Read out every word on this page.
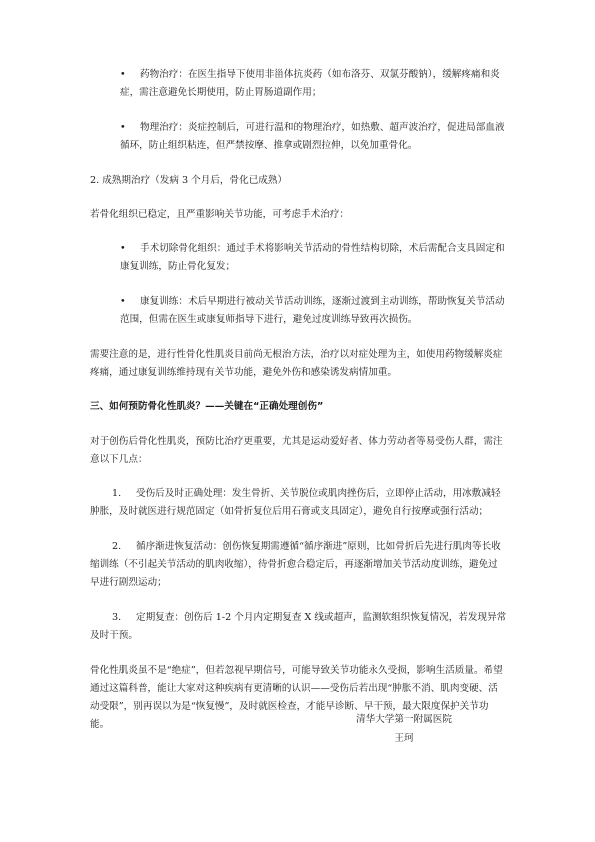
• 药物治疗：在医生指导下使用非甾体抗炎药（如布洛芬、双氯芬酸钠），缓解疼痛和炎症，需注意避免长期使用，防止胃肠道副作用；
• 物理治疗：炎症控制后，可进行温和的物理治疗，如热敷、超声波治疗，促进局部血液循环，防止组织粘连，但严禁按摩、推拿或剧烈拉伸，以免加重骨化。

2. 成熟期治疗（发病 3 个月后，骨化已成熟）

若骨化组织已稳定，且严重影响关节功能，可考虑手术治疗：

• 手术切除骨化组织：通过手术将影响关节活动的骨性结构切除，术后需配合支具固定和康复训练，防止骨化复发；
• 康复训练：术后早期进行被动关节活动训练，逐渐过渡到主动训练，帮助恢复关节活动范围，但需在医生或康复师指导下进行，避免过度训练导致再次损伤。

需要注意的是，进行性骨化性肌炎目前尚无根治方法，治疗以对症处理为主，如使用药物缓解炎症疼痛，通过康复训练维持现有关节功能，避免外伤和感染诱发病情加重。

三、如何预防骨化性肌炎？——关键在“正确处理创伤”

对于创伤后骨化性肌炎，预防比治疗更重要，尤其是运动爱好者、体力劳动者等易受伤人群，需注意以下几点：

1. 受伤后及时正确处理：发生骨折、关节脱位或肌肉挫伤后，立即停止活动，用冰敷减轻肿胀，及时就医进行规范固定（如骨折复位后用石膏或支具固定），避免自行按摩或强行活动；
2. 循序渐进恢复活动：创伤恢复期需遵循“循序渐进”原则，比如骨折后先进行肌肉等长收缩训练（不引起关节活动的肌肉收缩），待骨折愈合稳定后，再逐渐增加关节活动度训练，避免过早进行剧烈运动；
3. 定期复查：创伤后 1-2 个月内定期复查 X 线或超声，监测软组织恢复情况，若发现异常及时干预。

骨化性肌炎虽不是“绝症”，但若忽视早期信号，可能导致关节功能永久受损，影响生活质量。希望通过这篇科普，能让大家对这种疾病有更清晰的认识——受伤后若出现“肿胀不消、肌肉变硬、活动受限”，别再误以为是“恢复慢”，及时就医检查，才能早诊断、早干预，最大限度保护关节功能。	清华大学第一附属医院
王珂
